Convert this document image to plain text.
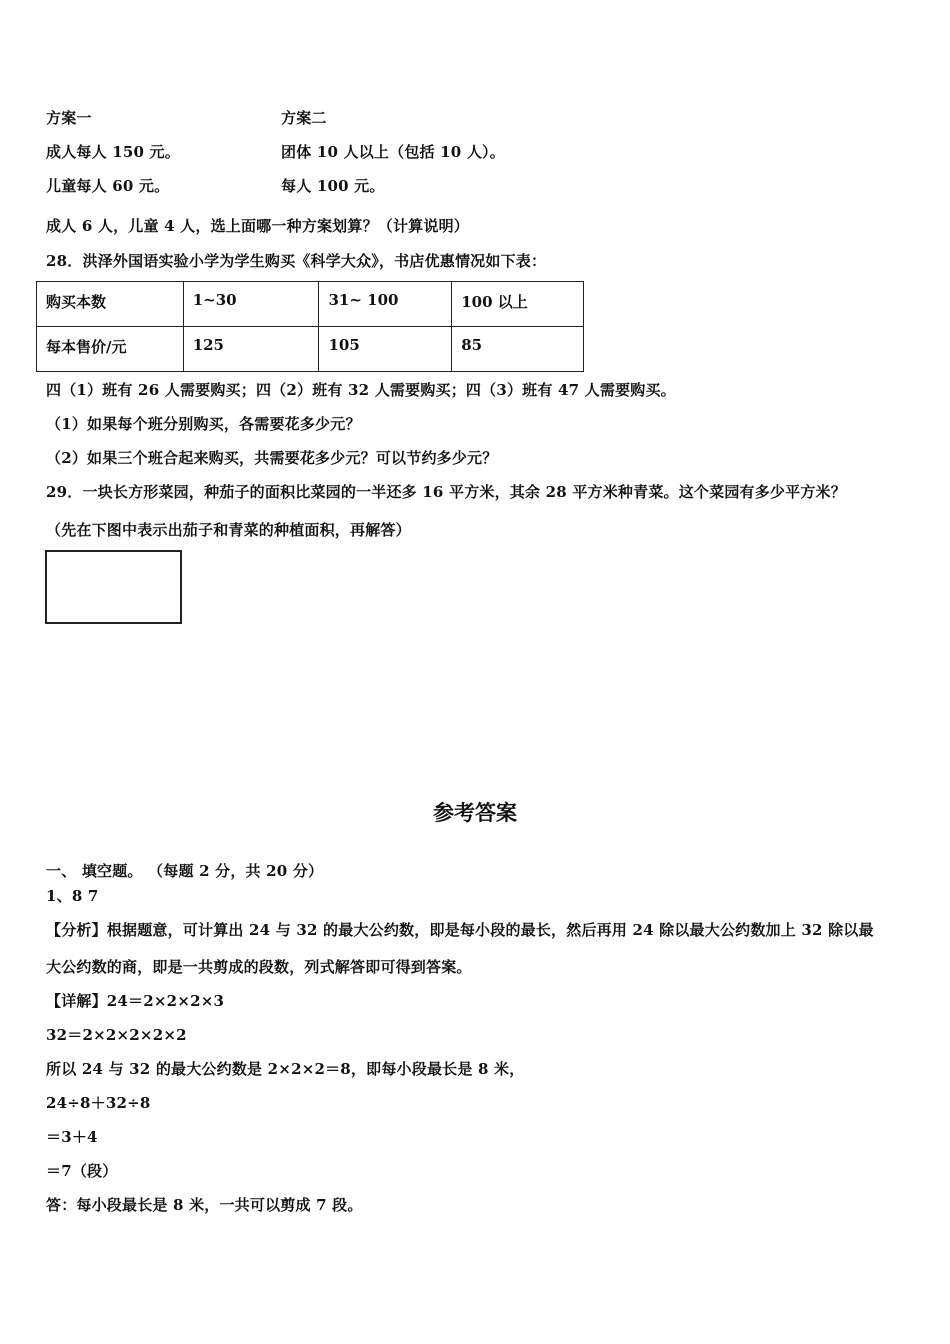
方案一	方案二
成人每人 150 元。	团体 10 人以上（包括 10 人）。
儿童每人 60 元。	每人 100 元。
成人 6 人，儿童 4 人，选上面哪一种方案划算？（计算说明）
28．洪泽外国语实验小学为学生购买《科学大众》，书店优惠情况如下表：
购买本数	1~30	31~ 100	100 以上
每本售价/元	125	105	85
四（1）班有 26 人需要购买；四（2）班有 32 人需要购买；四（3）班有 47 人需要购买。
（1）如果每个班分别购买，各需要花多少元？
（2）如果三个班合起来购买，共需要花多少元？可以节约多少元？
29．一块长方形菜园，种茄子的面积比菜园的一半还多 16 平方米，其余 28 平方米种青菜。这个菜园有多少平方米？
（先在下图中表示出茄子和青菜的种植面积，再解答）
参考答案
一、 填空题。 （每题 2 分，共 20 分）
1、8 7
【分析】根据题意，可计算出 24 与 32 的最大公约数，即是每小段的最长，然后再用 24 除以最大公约数加上 32 除以最
大公约数的商，即是一共剪成的段数，列式解答即可得到答案。
【详解】24＝2×2×2×3
32＝2×2×2×2×2
所以 24 与 32 的最大公约数是 2×2×2＝8，即每小段最长是 8 米，
24÷8＋32÷8
＝3＋4
＝7（段）
答：每小段最长是 8 米，一共可以剪成 7 段。
